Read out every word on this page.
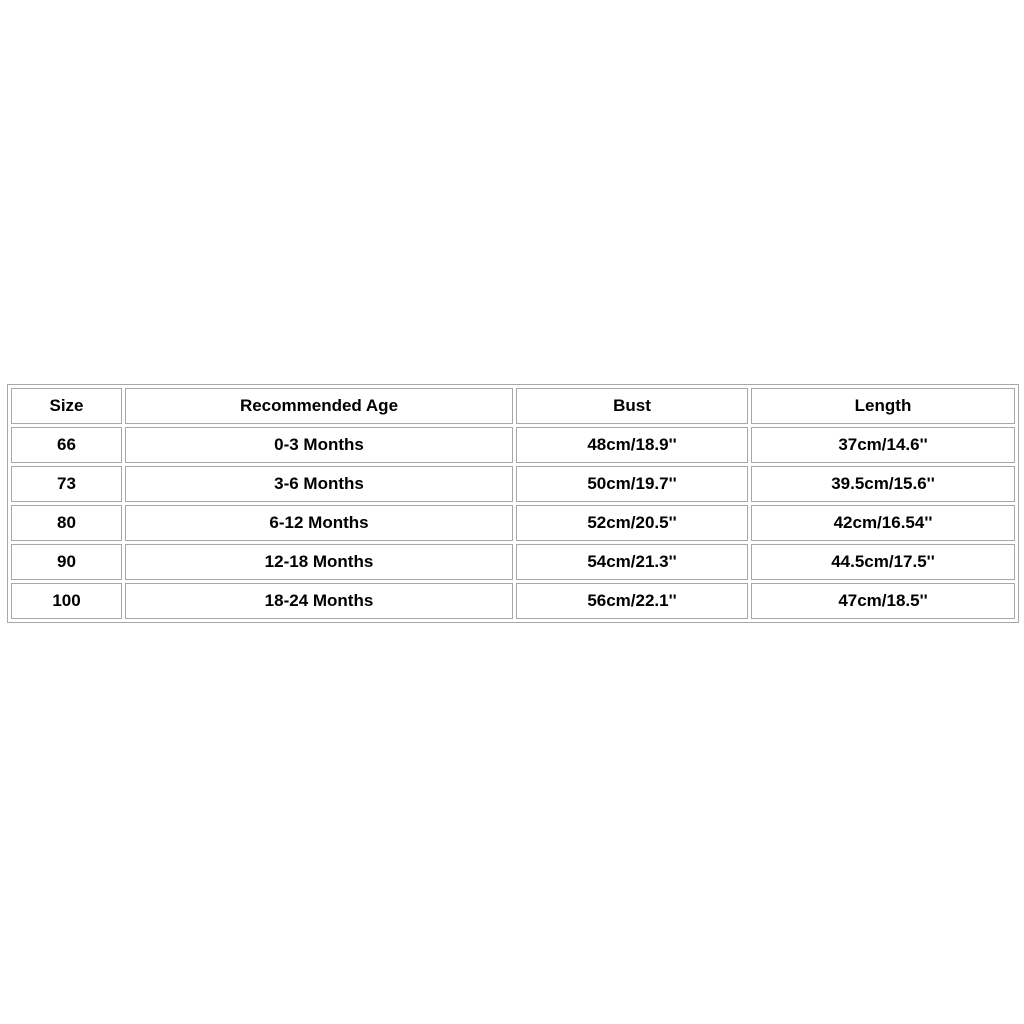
Size	Recommended Age	Bust	Length
66	0-3 Months	48cm/18.9''	37cm/14.6''
73	3-6 Months	50cm/19.7''	39.5cm/15.6''
80	6-12 Months	52cm/20.5''	42cm/16.54''
90	12-18 Months	54cm/21.3''	44.5cm/17.5''
100	18-24 Months	56cm/22.1''	47cm/18.5''
